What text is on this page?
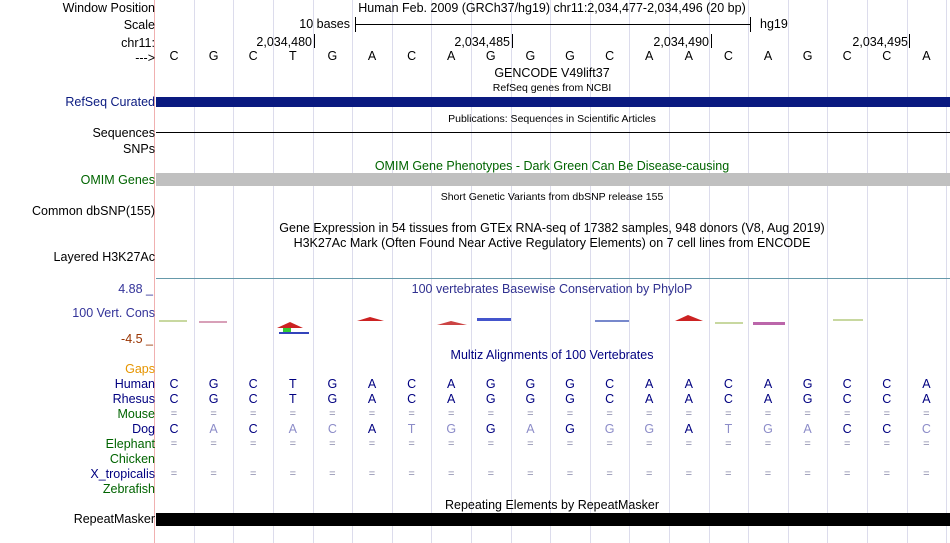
Window Position	Human Feb. 2009 (GRCh37/hg19) chr11:2,034,477-2,034,496 (20 bp)
Scale	10 bases	hg19
chr11:	2,034,480	2,034,485	2,034,490	2,034,495
---> C G C	T	G	A	C	A	G G G C	A	A	C	A	G C C	A
GENCODE V49lift37
RefSeq genes from NCBI
RefSeq Curated
Publications: Sequences in Scientific Articles
Sequences
SNPs
OMIM Gene Phenotypes - Dark Green Can Be Disease-causing
OMIM Genes
Short Genetic Variants from dbSNP release 155
Common dbSNP(155)
Gene Expression in 54 tissues from GTEx RNA-seq of 17382 samples, 948 donors (V8, Aug 2019)
H3K27Ac Mark (Often Found Near Active Regulatory Elements) on 7 cell lines from ENCODE
Layered H3K27Ac
4.88 _	100 vertebrates Basewise Conservation by PhyloP
100 Vert. Cons
-4.5 _
Multiz Alignments of 100 Vertebrates
Gaps
Human C G C	T	G	A	C	A	G G G C	A	A	C	A	G C C	A
Rhesus C G C	T	G	A	C	A	G G G C	A	A	C	A	G C C	A
Mouse	=	=	=	=	=	=	=	=	=	=	=	=	=	=	=	=	=	=	=	=
Dog C	A	C	A	C	A	T	G G	A	G G G	A	T	G	A	C C C
Elephant	=	=	=	=	=	=	=	=	=	=	=	=	=	=	=	=	=	=	=	=
Chicken
X_tropicalis	=	=	=	=	=	=	=	=	=	=	=	=	=	=	=	=	=	=	=	=
Zebrafish
Repeating Elements by RepeatMasker
RepeatMasker
